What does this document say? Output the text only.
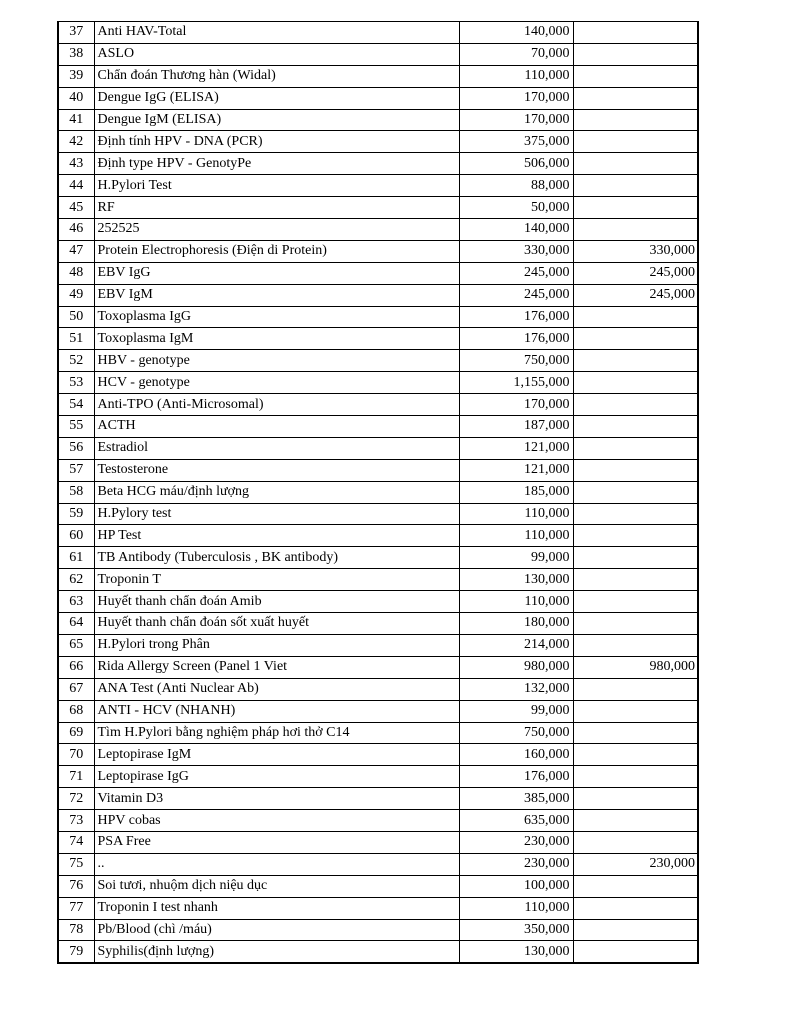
37	Anti HAV-Total	140,000	
38	ASLO	70,000	
39	Chẩn đoán Thương hàn (Widal)	110,000	
40	Dengue IgG (ELISA)	170,000	
41	Dengue IgM (ELISA)	170,000	
42	Định tính HPV - DNA (PCR)	375,000	
43	Định type HPV - GenotyPe	506,000	
44	H.Pylori Test	88,000	
45	RF	50,000	
46	252525	140,000	
47	Protein Electrophoresis (Điện di Protein)	330,000	330,000
48	EBV IgG	245,000	245,000
49	EBV IgM	245,000	245,000
50	Toxoplasma IgG	176,000	
51	Toxoplasma IgM	176,000	
52	HBV - genotype	750,000	
53	HCV - genotype	1,155,000	
54	Anti-TPO (Anti-Microsomal)	170,000	
55	ACTH	187,000	
56	Estradiol	121,000	
57	Testosterone	121,000	
58	Beta HCG máu/định lượng	185,000	
59	H.Pylory test	110,000	
60	HP Test	110,000	
61	TB Antibody (Tuberculosis , BK antibody)	99,000	
62	Troponin T	130,000	
63	Huyết thanh chẩn đoán Amib	110,000	
64	Huyết thanh chẩn đoán sốt xuất huyết	180,000	
65	H.Pylori trong Phân	214,000	
66	Rida Allergy Screen (Panel 1 Viet	980,000	980,000
67	ANA Test (Anti Nuclear Ab)	132,000	
68	ANTI - HCV (NHANH)	99,000	
69	Tìm H.Pylori bằng nghiệm pháp hơi thở C14	750,000	
70	Leptopirase IgM	160,000	
71	Leptopirase IgG	176,000	
72	Vitamin D3	385,000	
73	HPV cobas	635,000	
74	PSA Free	230,000	
75	..	230,000	230,000
76	Soi tươi, nhuộm dịch niệu dục	100,000	
77	Troponin I test nhanh	110,000	
78	Pb/Blood (chì /máu)	350,000	
79	Syphilis(định lượng)	130,000	
